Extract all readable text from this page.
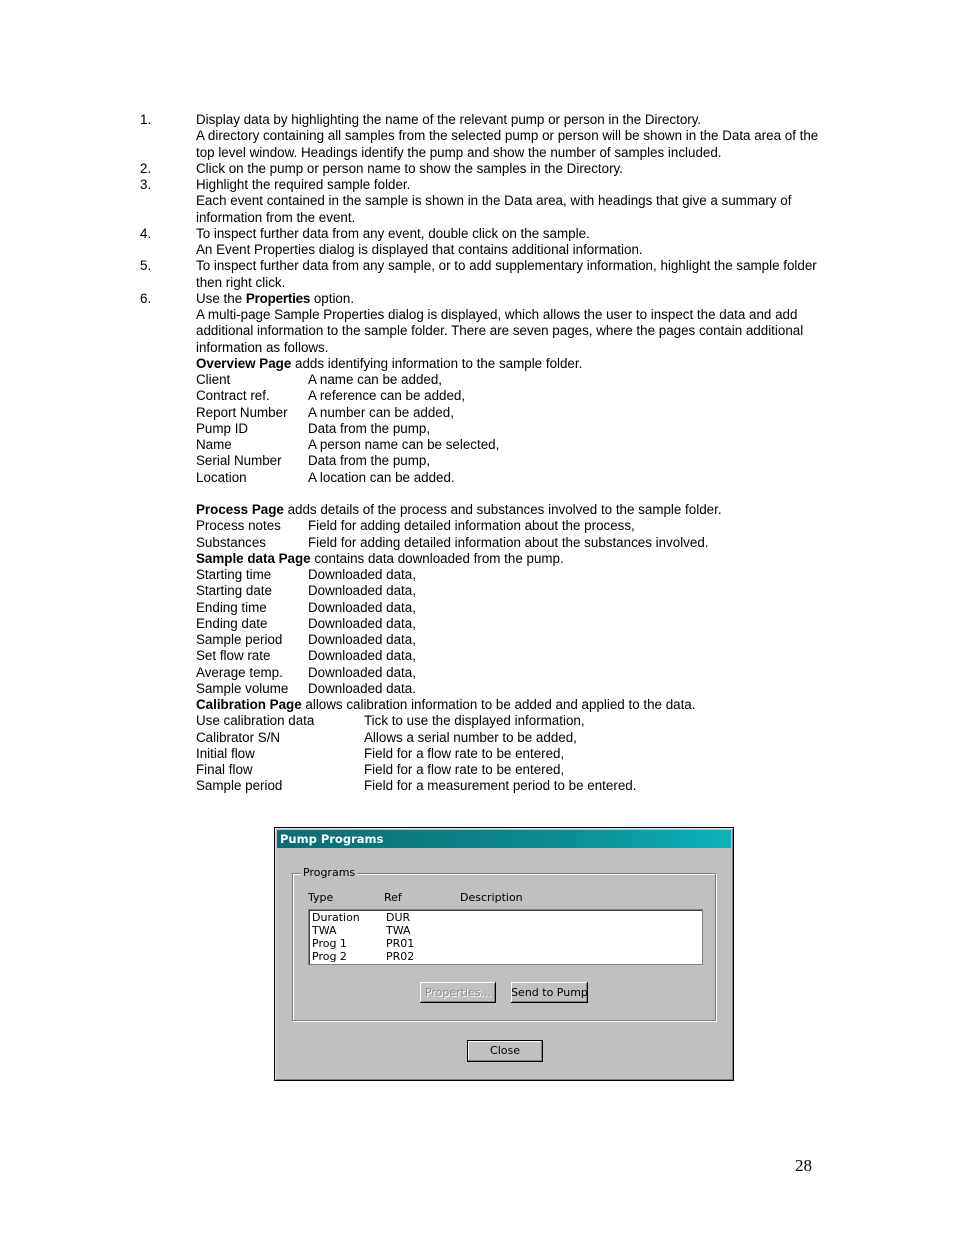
1.	Display data by highlighting the name of the relevant pump or person in the Directory.
A directory containing all samples from the selected pump or person will be shown in the Data area of the top level window. Headings identify the pump and show the number of samples included.
2.	Click on the pump or person name to show the samples in the Directory.
3.	Highlight the required sample folder.
Each event contained in the sample is shown in the Data area, with headings that give a summary of information from the event.
4.	To inspect further data from any event, double click on the sample.
An Event Properties dialog is displayed that contains additional information.
5.	To inspect further data from any sample, or to add supplementary information, highlight the sample folder then right click.
6.	Use the Properties option.
A multi-page Sample Properties dialog is displayed, which allows the user to inspect the data and add additional information to the sample folder. There are seven pages, where the pages contain additional information as follows.
Overview Page adds identifying information to the sample folder.
Client	A name can be added,
Contract ref.	A reference can be added,
Report Number	A number can be added,
Pump ID	Data from the pump,
Name	A person name can be selected,
Serial Number	Data from the pump,
Location	A location can be added.
Process Page adds details of the process and substances involved to the sample folder.
Process notes	Field for adding detailed information about the process,
Substances	Field for adding detailed information about the substances involved.
Sample data Page contains data downloaded from the pump.
Starting time	Downloaded data,
Starting date	Downloaded data,
Ending time	Downloaded data,
Ending date	Downloaded data,
Sample period	Downloaded data,
Set flow rate	Downloaded data,
Average temp.	Downloaded data,
Sample volume	Downloaded data.
Calibration Page allows calibration information to be added and applied to the data.
Use calibration data	Tick to use the displayed information,
Calibrator S/N	Allows a serial number to be added,
Initial flow	Field for a flow rate to be entered,
Final flow	Field for a flow rate to be entered,
Sample period	Field for a measurement period to be entered.
Pump Programs
Programs
Type	Ref	Description
Duration DUR
TWA	TWA
Prog 1	PR01
Prog 2	PR02
Properties...	Send to Pump
Close
28
